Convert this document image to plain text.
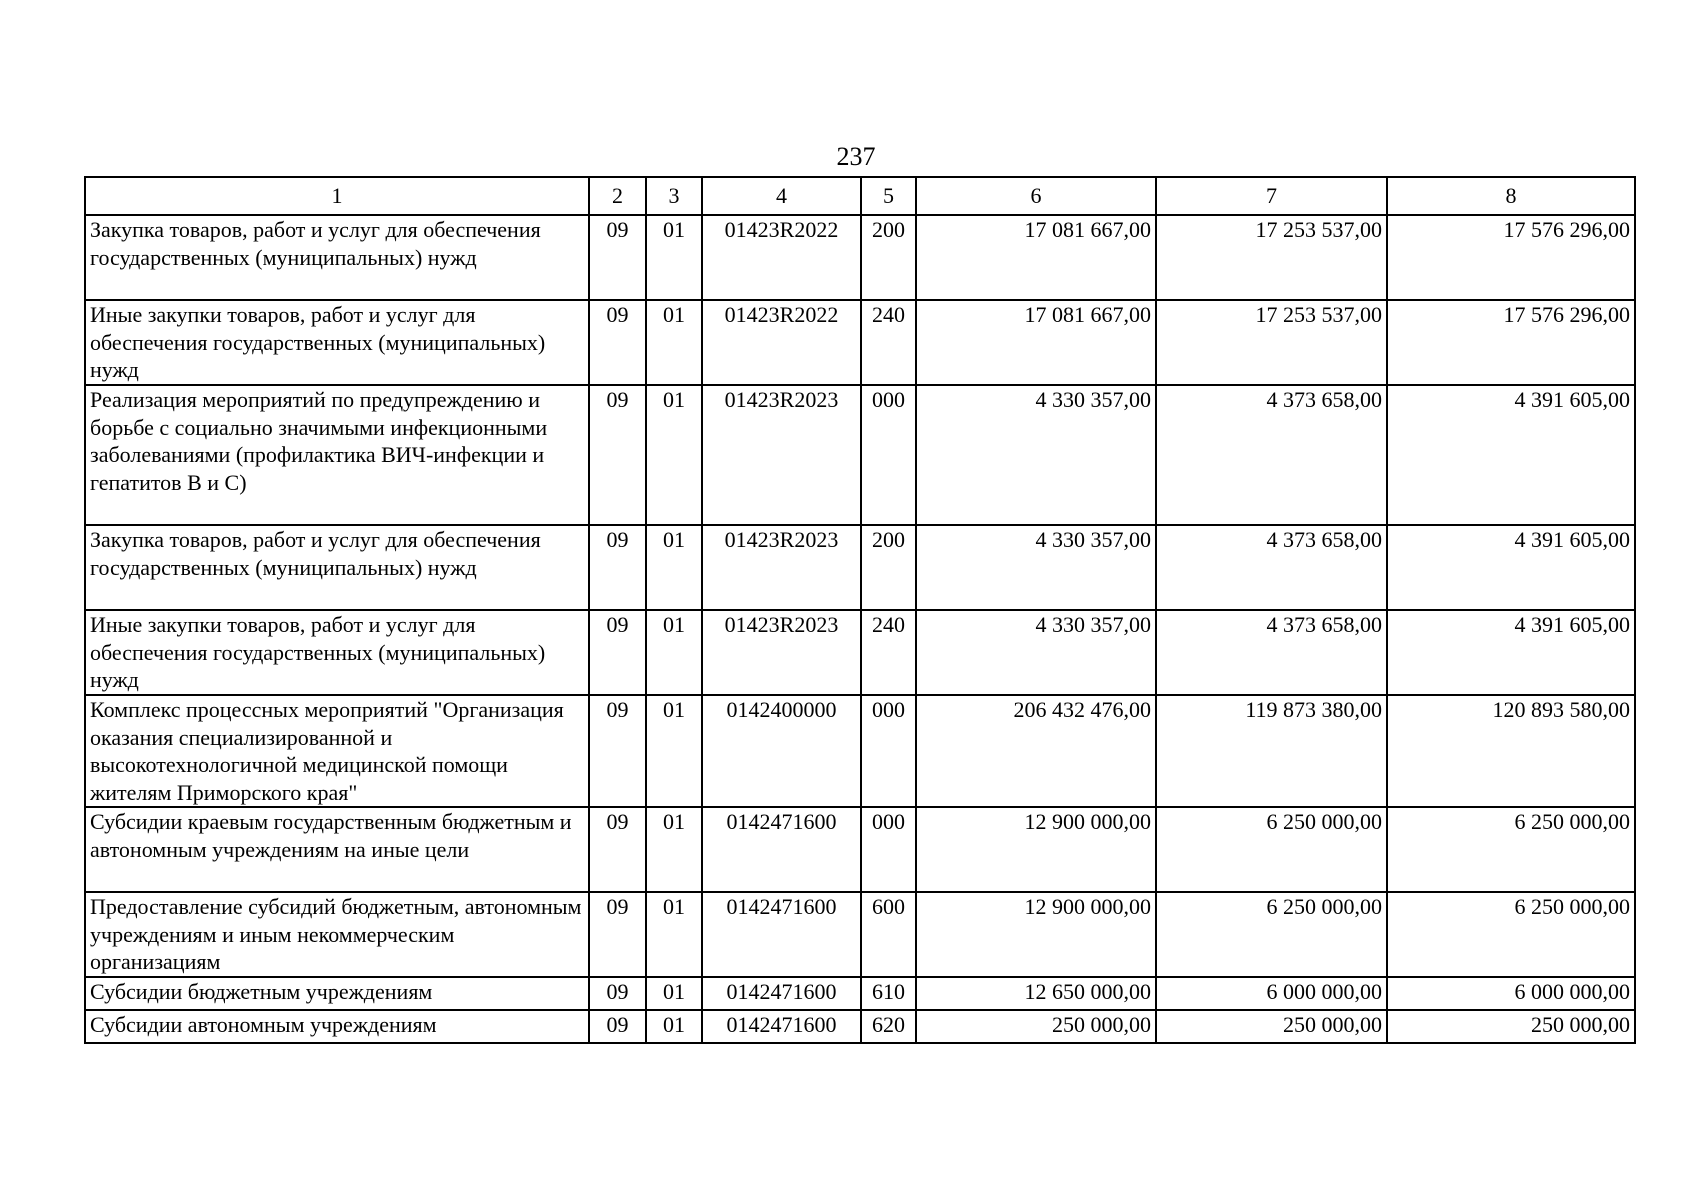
237
1	2	3	4	5	6	7	8
Закупка товаров, работ и услуг для обеспечения государственных (муниципальных) нужд	09	01	01423R2022	200	17 081 667,00	17 253 537,00	17 576 296,00
Иные закупки товаров, работ и услуг для обеспечения государственных (муниципальных) нужд	09	01	01423R2022	240	17 081 667,00	17 253 537,00	17 576 296,00
Реализация мероприятий по предупреждению и борьбе с социально значимыми инфекционными заболеваниями (профилактика ВИЧ-инфекции и гепатитов В и С)	09	01	01423R2023	000	4 330 357,00	4 373 658,00	4 391 605,00
Закупка товаров, работ и услуг для обеспечения государственных (муниципальных) нужд	09	01	01423R2023	200	4 330 357,00	4 373 658,00	4 391 605,00
Иные закупки товаров, работ и услуг для обеспечения государственных (муниципальных) нужд	09	01	01423R2023	240	4 330 357,00	4 373 658,00	4 391 605,00
Комплекс процессных мероприятий "Организация оказания специализированной и высокотехнологичной медицинской помощи жителям Приморского края"	09	01	0142400000	000	206 432 476,00	119 873 380,00	120 893 580,00
Субсидии краевым государственным бюджетным и автономным учреждениям на иные цели	09	01	0142471600	000	12 900 000,00	6 250 000,00	6 250 000,00
Предоставление субсидий бюджетным, автономным учреждениям и иным некоммерческим организациям	09	01	0142471600	600	12 900 000,00	6 250 000,00	6 250 000,00
Субсидии бюджетным учреждениям	09	01	0142471600	610	12 650 000,00	6 000 000,00	6 000 000,00
Субсидии автономным учреждениям	09	01	0142471600	620	250 000,00	250 000,00	250 000,00
